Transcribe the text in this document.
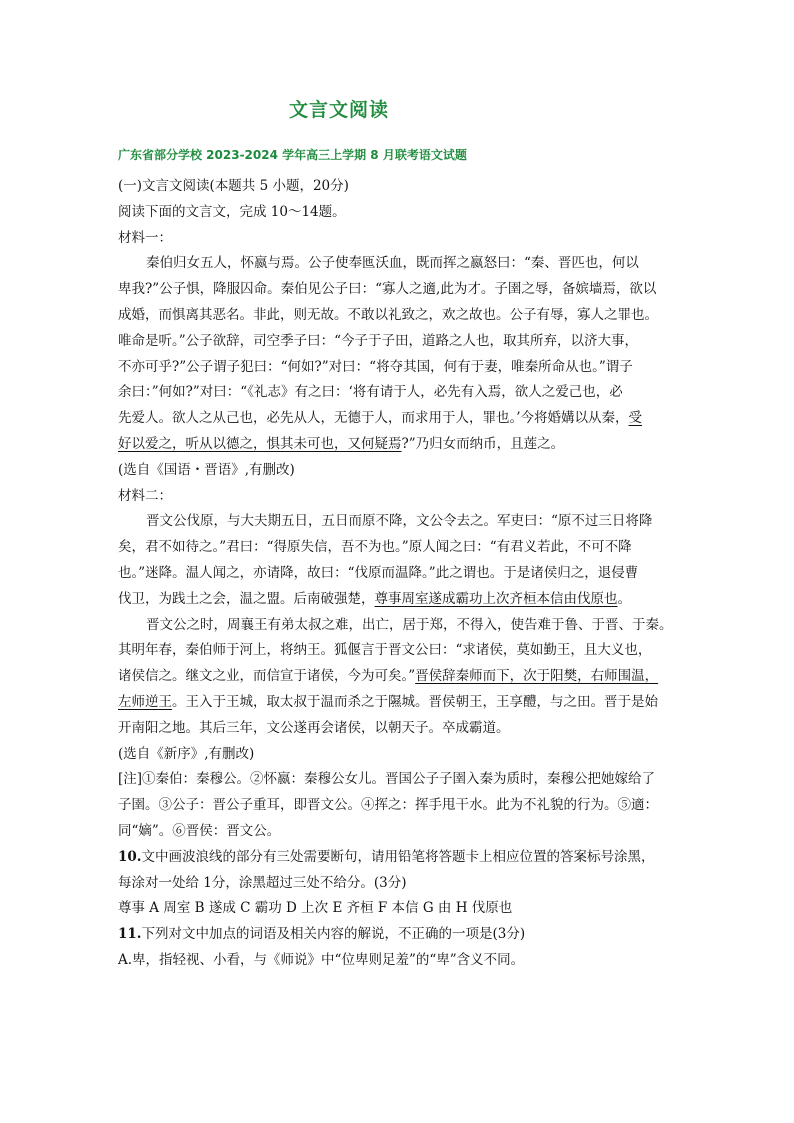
文言文阅读
广东省部分学校 2023-2024 学年高三上学期 8 月联考语文试题
(一)文言文阅读(本题共 5 小题，20分)
阅读下面的文言文，完成 10～14题。
材料一：
秦伯归女五人，怀嬴与焉。公子使奉匜沃血，既而挥之嬴怒曰：“秦、晋匹也，何以
卑我?”公子惧，降服囚命。秦伯见公子曰：“寡人之適,此为才。子圉之辱，备嫔墙焉，欲以
成婚，而惧离其恶名。非此，则无故。不敢以礼致之，欢之故也。公子有辱，寡人之罪也。
唯命是听。”公子欲辞，司空季子曰：“今子于子田，道路之人也，取其所弃，以济大事，
不亦可乎?”公子谓子犯曰：“何如?”对曰：“将夺其国，何有于妻，唯秦所命从也。”谓子
余曰：”何如?”对曰：“《礼志》有之曰：‘将有请于人，必先有入焉，欲人之爱己也，必
先爱人。欲人之从己也，必先从人，无德于人，而求用于人，罪也。’今将婚媾以从秦，受
好以爱之，听从以德之，惧其未可也，又何疑焉?”乃归女而纳币，且莲之。
(选自《国语・晋语》,有删改)
材料二：
晋文公伐原，与大夫期五日，五日而原不降，文公令去之。军吏曰：“原不过三日将降
矣，君不如待之。”君曰：“得原失信，吾不为也。”原人闻之曰：“有君义若此，不可不降
也。”迷降。温人闻之，亦请降，故曰：“伐原而温降。”此之谓也。于是诸侯归之，退侵曹
伐卫，为践土之会，温之盟。后南破强楚，尊事周室遂成霸功上次齐桓本信由伐原也。
晋文公之时，周襄王有弟太叔之难，出亡，居于郑，不得入，使告难于鲁、于晋、于秦。
其明年春，秦伯师于河上，将纳王。狐偃言于晋文公曰：“求诸侯，莫如勤王，且大义也，
诸侯信之。继文之业，而信宣于诸侯，今为可矣。”晋侯辞秦师而下，次于阳樊，右师围温，
左师逆王。王入于王城，取太叔于温而杀之于隰城。晋侯朝王，王享醴，与之田。晋于是始
开南阳之地。其后三年，文公遂再会诸侯，以朝天子。卒成霸道。
(选自《新序》,有删改)
[注]①秦伯：秦穆公。②怀嬴：秦穆公女儿。晋国公子子圉入秦为质时，秦穆公把她嫁给了
子圉。③公子：晋公子重耳，即晋文公。④挥之：挥手甩干水。此为不礼貌的行为。⑤適：
同“嫡”。⑥晋侯：晋文公。
10.文中画波浪线的部分有三处需要断句，请用铅笔将答题卡上相应位置的答案标号涂黑，
每涂对一处给 1分，涂黑超过三处不给分。(3分)
尊事 A 周室 B 遂成 C 霸功 D 上次 E 齐桓 F 本信 G 由 H 伐原也
11.下列对文中加点的词语及相关内容的解说，不正确的一项是(3分)
A.卑，指轻视、小看，与《师说》中“位卑则足羞”的“卑”含义不同。
